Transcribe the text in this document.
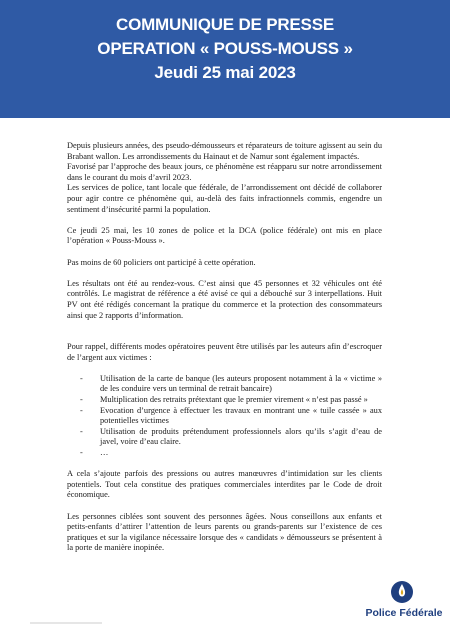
COMMUNIQUE DE PRESSE
OPERATION « POUSS-MOUSS »
Jeudi 25 mai 2023

Depuis plusieurs années, des pseudo-démousseurs et réparateurs de toiture agissent au sein du Brabant wallon. Les arrondissements du Hainaut et de Namur sont également impactés.

Favorisé par l’approche des beaux jours, ce phénomène est réapparu sur notre arrondissement dans le courant du mois d’avril 2023.

Les services de police, tant locale que fédérale, de l’arrondissement ont décidé de collaborer pour agir contre ce phénomène qui, au-delà des faits infractionnels commis, engendre un sentiment d’insécurité parmi la population.

Ce jeudi 25 mai, les 10 zones de police et la DCA (police fédérale) ont mis en place l’opération « Pouss-Mouss ».

Pas moins de 60 policiers ont participé à cette opération.

Les résultats ont été au rendez-vous. C’est ainsi que 45 personnes et 32 véhicules ont été contrôlés. Le magistrat de référence a été avisé ce qui a débouché sur 3 interpellations. Huit PV ont été rédigés concernant la pratique du commerce et la protection des consommateurs ainsi que 2 rapports d’information.

Pour rappel, différents modes opératoires peuvent être utilisés par les auteurs afin d’escroquer de l’argent aux victimes :

- Utilisation de la carte de banque (les auteurs proposent notamment à la « victime » de les conduire vers un terminal de retrait bancaire)
- Multiplication des retraits prétextant que le premier virement « n’est pas passé »
- Evocation d’urgence à effectuer les travaux en montrant une « tuile cassée » aux potentielles victimes
- Utilisation de produits prétendument professionnels alors qu’ils s’agit d’eau de javel, voire d’eau claire.
- …

A cela s’ajoute parfois des pressions ou autres manœuvres d’intimidation sur les clients potentiels. Tout cela constitue des pratiques commerciales interdites par le Code de droit économique.

Les personnes ciblées sont souvent des personnes âgées. Nous conseillons aux enfants et petits-enfants d’attirer l’attention de leurs parents ou grands-parents sur l’existence de ces pratiques et sur la vigilance nécessaire lorsque des « candidats » démousseurs se présentent à la porte de manière inopinée.

Police Fédérale
